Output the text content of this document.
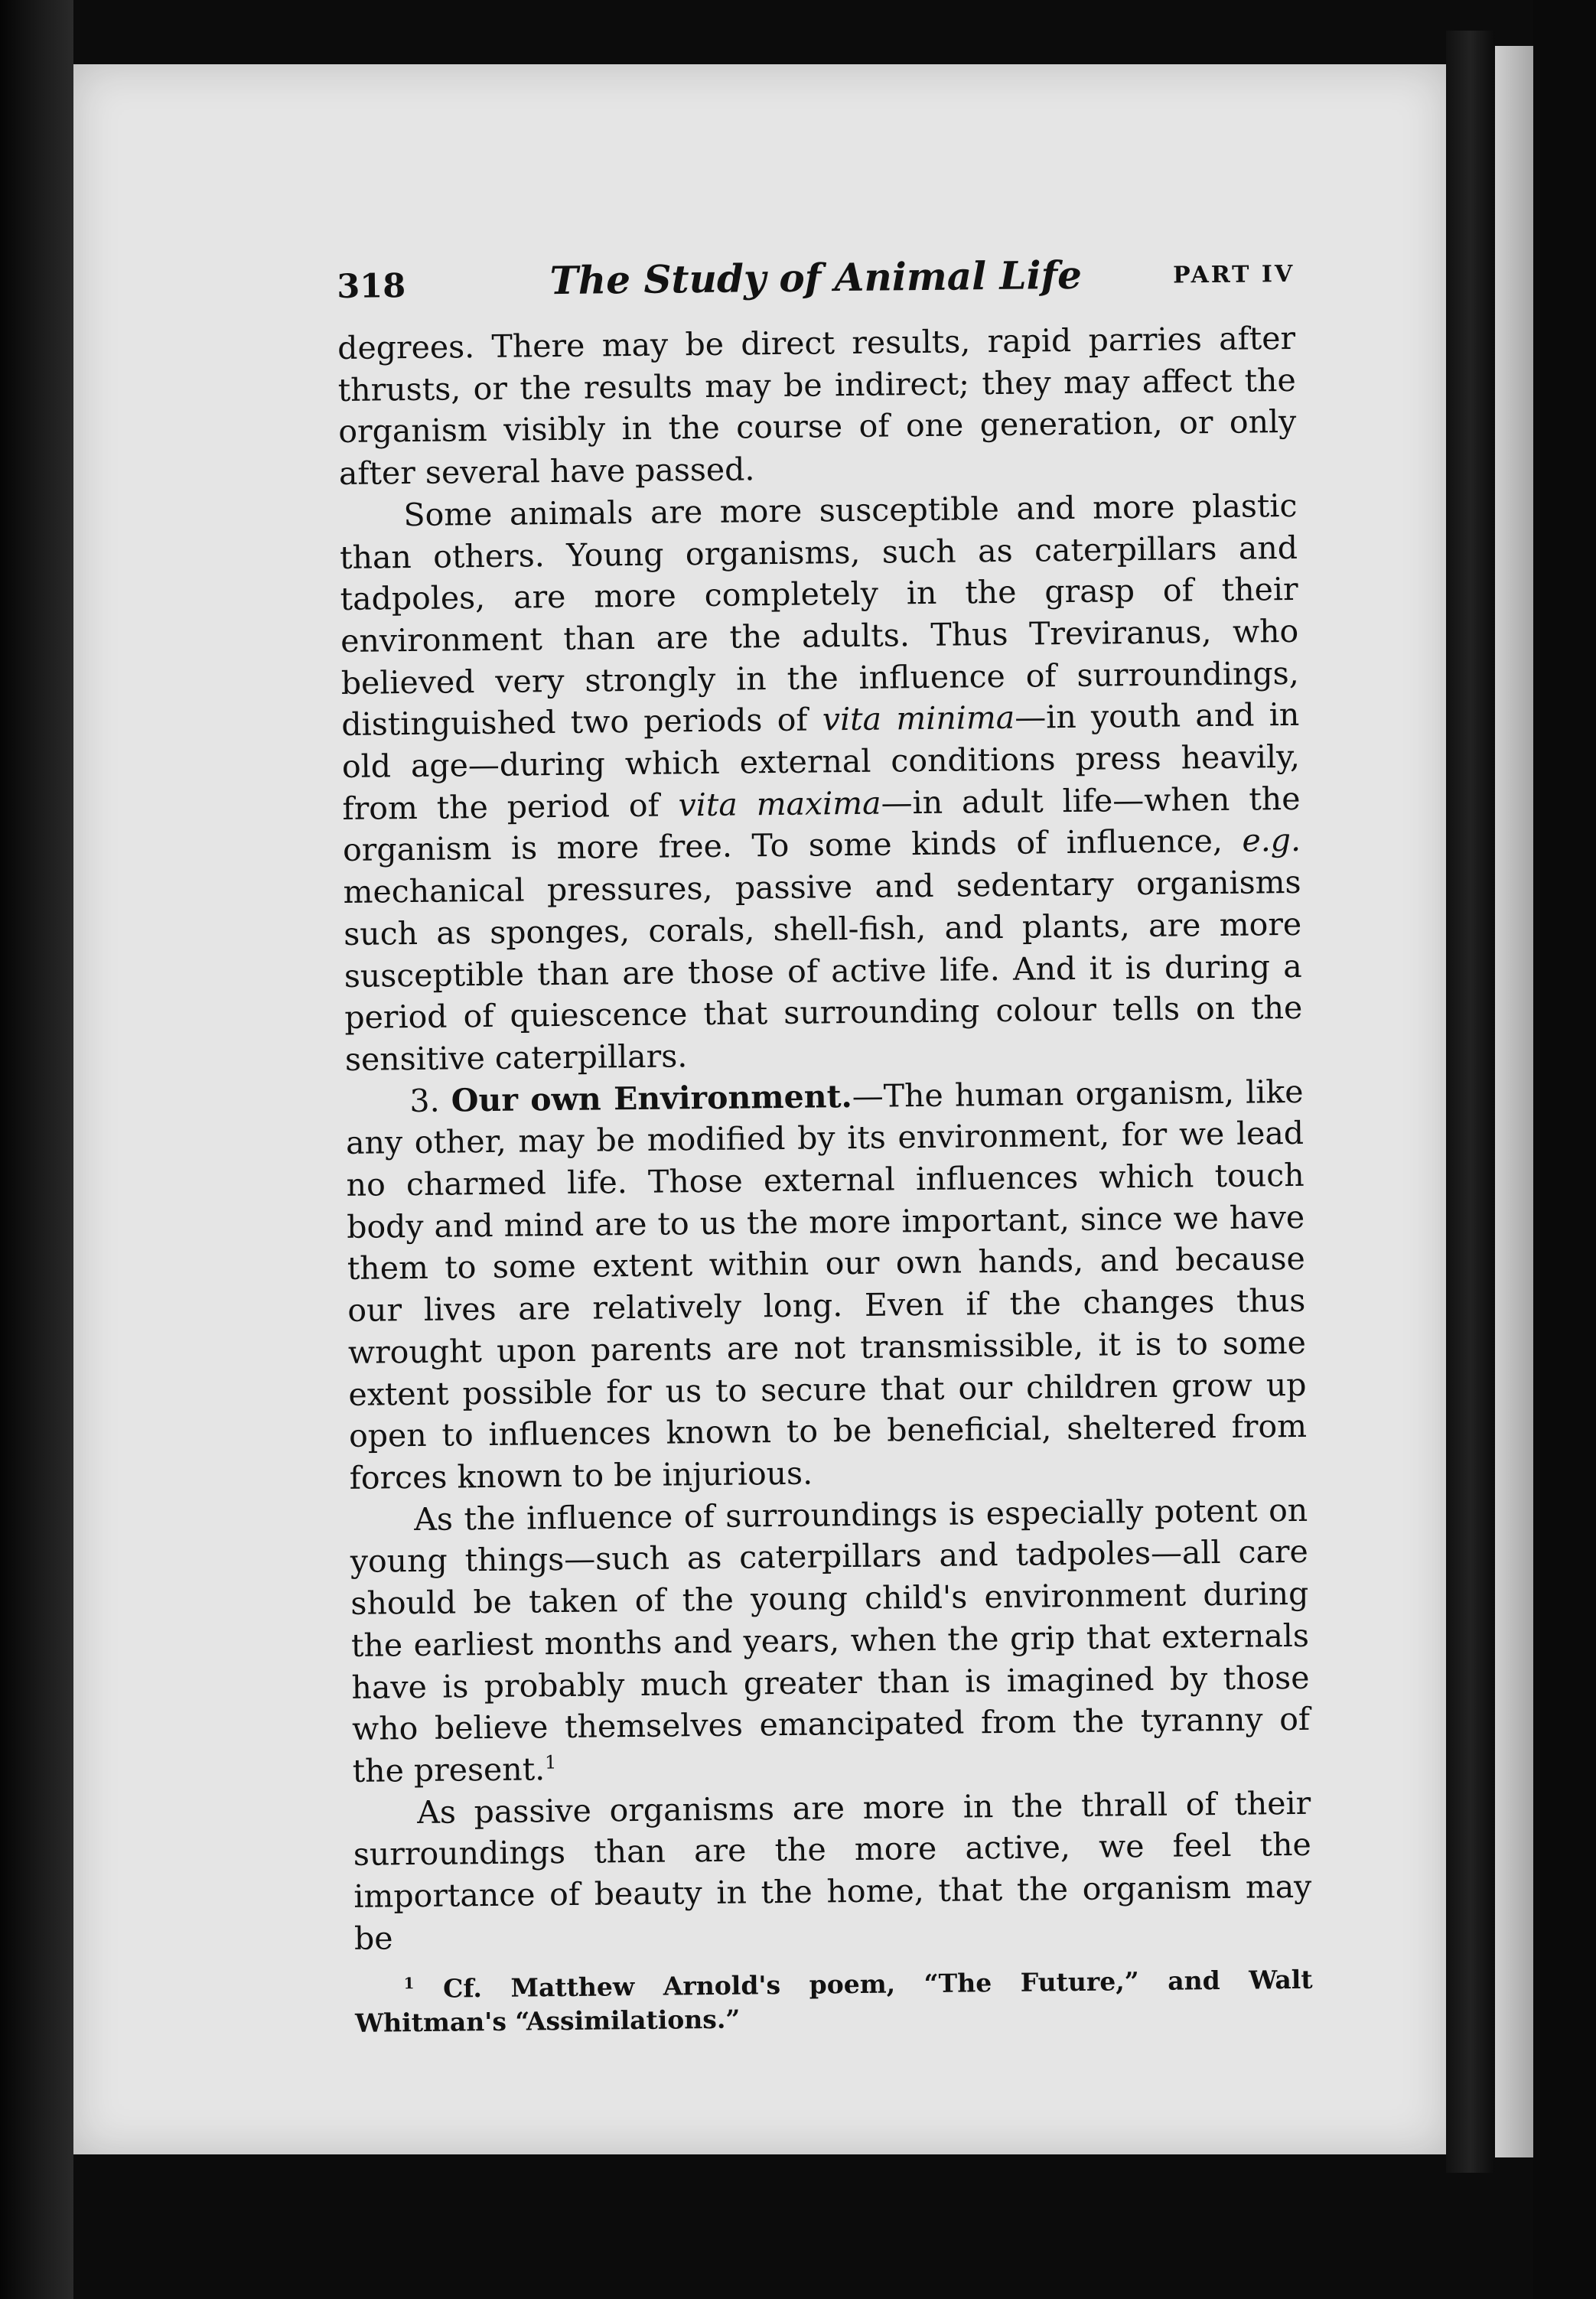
318	The Study of Animal Life	PART IV

degrees. There may be direct results, rapid parries after thrusts, or the results may be indirect; they may affect the organism visibly in the course of one generation, or only after several have passed.

Some animals are more susceptible and more plastic than others. Young organisms, such as caterpillars and tadpoles, are more completely in the grasp of their environment than are the adults. Thus Treviranus, who believed very strongly in the influence of surroundings, distinguished two periods of vita minima—in youth and in old age—during which external conditions press heavily, from the period of vita maxima—in adult life—when the organism is more free. To some kinds of influence, e.g. mechanical pressures, passive and sedentary organisms such as sponges, corals, shell-fish, and plants, are more susceptible than are those of active life. And it is during a period of quiescence that surrounding colour tells on the sensitive caterpillars.

3. Our own Environment.—The human organism, like any other, may be modified by its environment, for we lead no charmed life. Those external influences which touch body and mind are to us the more important, since we have them to some extent within our own hands, and because our lives are relatively long. Even if the changes thus wrought upon parents are not transmissible, it is to some extent possible for us to secure that our children grow up open to influences known to be beneficial, sheltered from forces known to be injurious.

As the influence of surroundings is especially potent on young things—such as caterpillars and tadpoles—all care should be taken of the young child's environment during the earliest months and years, when the grip that externals have is probably much greater than is imagined by those who believe themselves emancipated from the tyranny of the present.$^1$

As passive organisms are more in the thrall of their surroundings than are the more active, we feel the importance of beauty in the home, that the organism may be

$^1$ Cf. Matthew Arnold's poem, “The Future,” and Walt Whitman's “Assimilations.”
